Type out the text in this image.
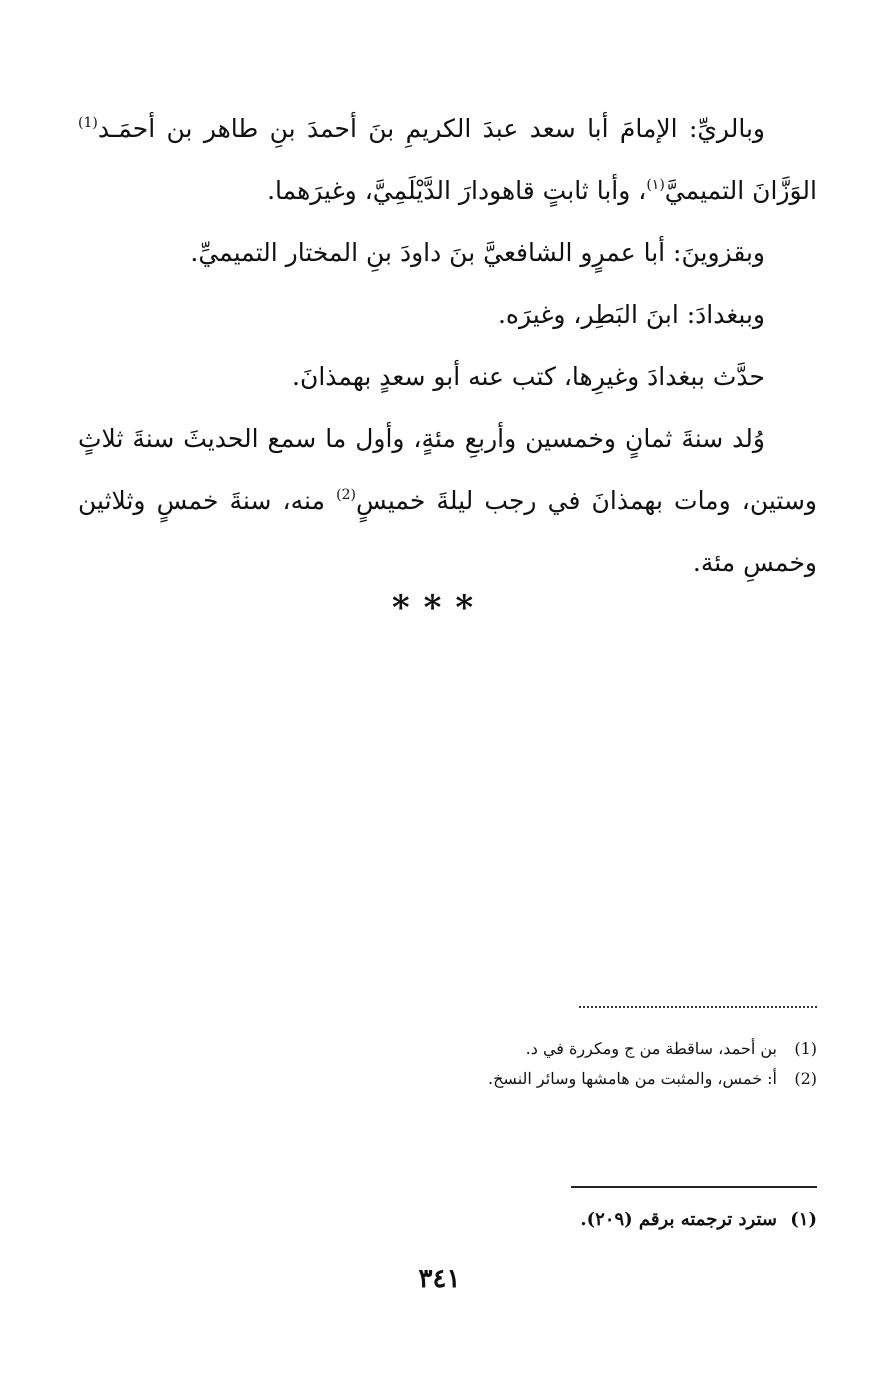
وبالريِّ: الإمامَ أبا سعد عبدَ الكريمِ بنَ أحمدَ بنِ طاهر بن أحمَـد$^{(1)}$ الوَزَّانَ التميميَّ$^{(١)}$، وأبا ثابتٍ قاهودارَ الدَّيْلَمِيَّ، وغيرَهما.

وبقزوينَ: أبا عمرٍو الشافعيَّ بنَ داودَ بنِ المختار التميميِّ.

وببغدادَ: ابنَ البَطِر، وغيرَه.

حدَّث ببغدادَ وغيرِها، كتب عنه أبو سعدٍ بهمذانَ.

وُلد سنةَ ثمانٍ وخمسين وأربعِ مئةٍ، وأول ما سمع الحديثَ سنةَ ثلاثٍ وستين، ومات بهمذانَ في رجب ليلةَ خميسٍ$^{(2)}$ منه، سنةَ خمسٍ وثلاثين وخمسِ مئة.

***
(1)
بن أحمد، ساقطة من ج ومكررة في د.
(2)
أ: خمس، والمثبت من هامشها وسائر النسخ.
(١)
سترد ترجمته برقم (٢٠٩).
٣٤١
